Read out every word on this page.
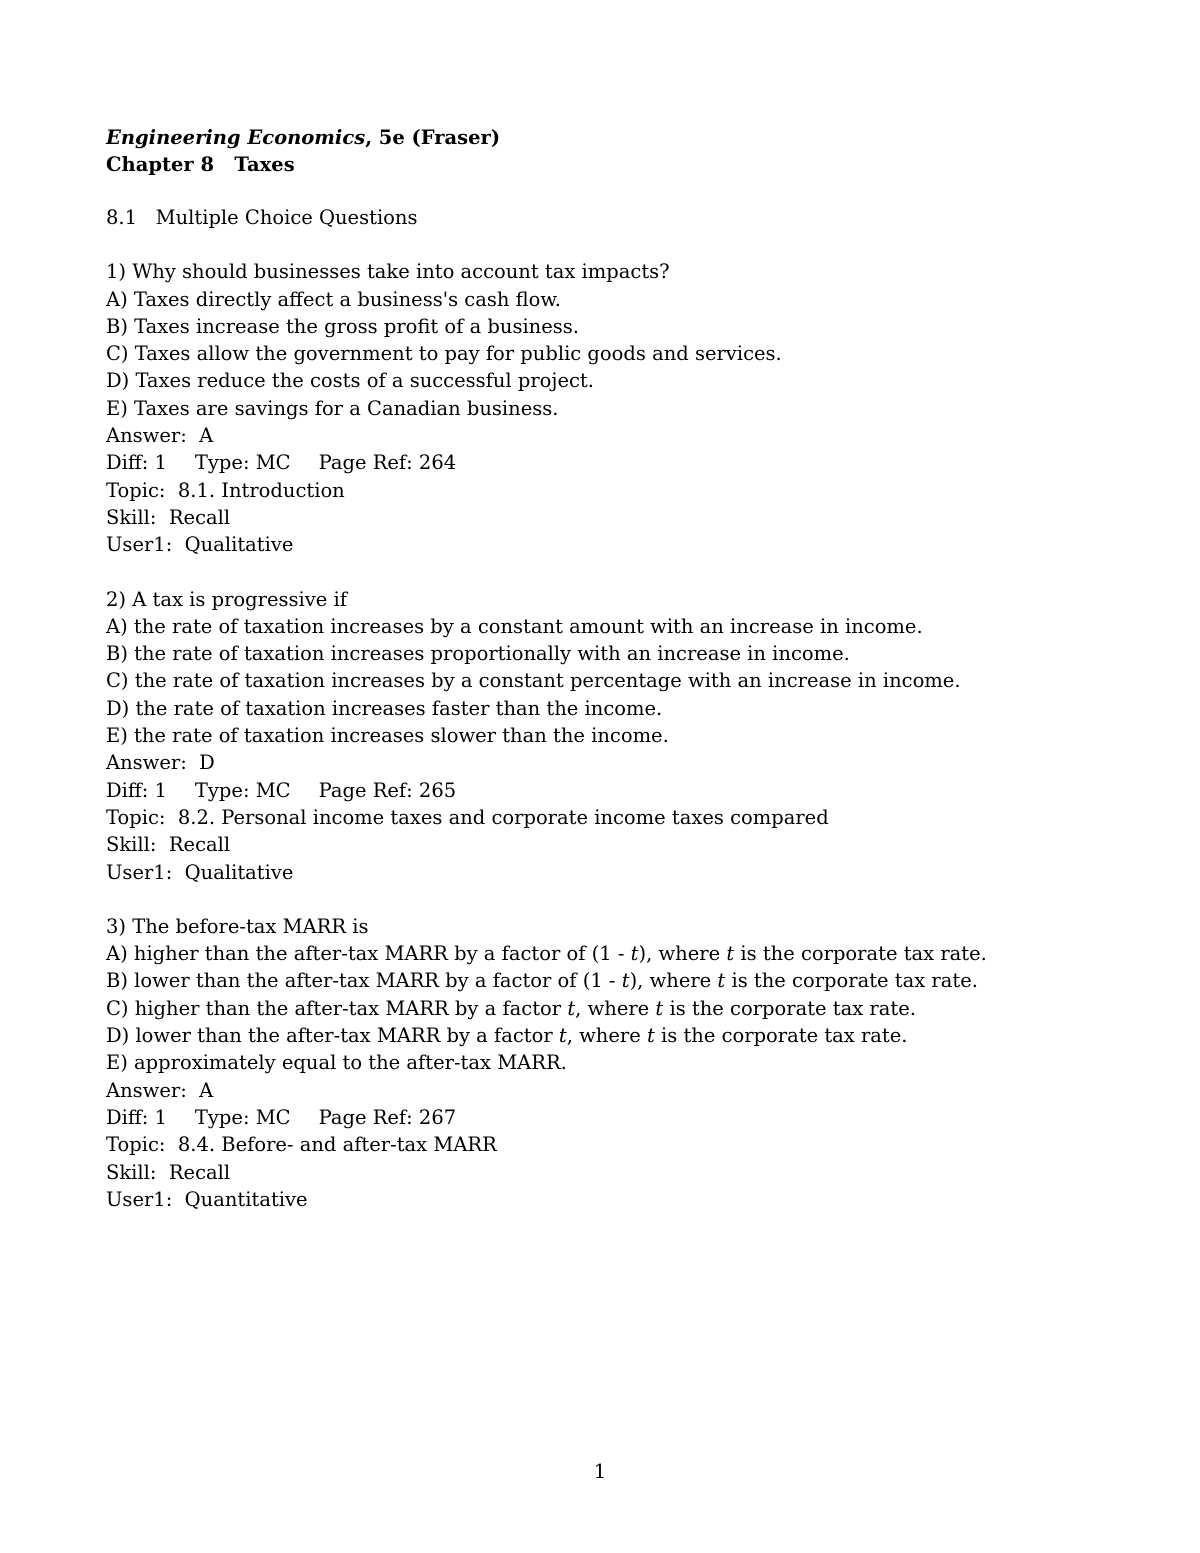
Engineering Economics, 5e (Fraser)
Chapter 8   Taxes
8.1   Multiple Choice Questions
1) Why should businesses take into account tax impacts?
A) Taxes directly affect a business's cash flow.
B) Taxes increase the gross profit of a business.
C) Taxes allow the government to pay for public goods and services.
D) Taxes reduce the costs of a successful project.
E) Taxes are savings for a Canadian business.
Answer:  A
Diff: 1 Type: MC Page Ref: 264
Topic:  8.1. Introduction
Skill:  Recall
User1:  Qualitative
2) A tax is progressive if
A) the rate of taxation increases by a constant amount with an increase in income.
B) the rate of taxation increases proportionally with an increase in income.
C) the rate of taxation increases by a constant percentage with an increase in income.
D) the rate of taxation increases faster than the income.
E) the rate of taxation increases slower than the income.
Answer:  D
Diff: 1 Type: MC Page Ref: 265
Topic:  8.2. Personal income taxes and corporate income taxes compared
Skill:  Recall
User1:  Qualitative
3) The before-tax MARR is
A) higher than the after-tax MARR by a factor of (1 - t), where t is the corporate tax rate.
B) lower than the after-tax MARR by a factor of (1 - t), where t is the corporate tax rate.
C) higher than the after-tax MARR by a factor t, where t is the corporate tax rate.
D) lower than the after-tax MARR by a factor t, where t is the corporate tax rate.
E) approximately equal to the after-tax MARR.
Answer:  A
Diff: 1 Type: MC Page Ref: 267
Topic:  8.4. Before- and after-tax MARR
Skill:  Recall
User1:  Quantitative
1
